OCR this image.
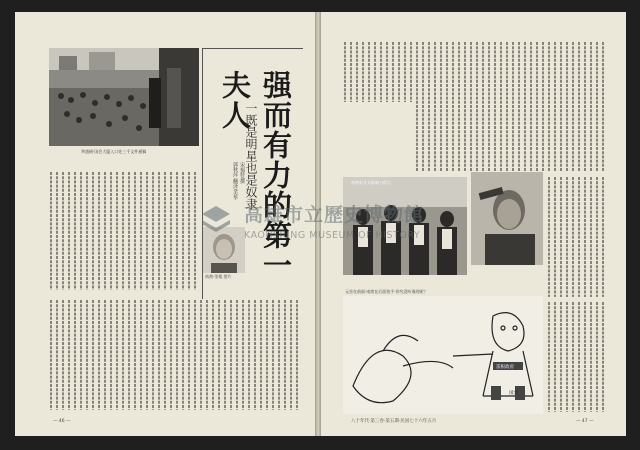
华盛顿·国会大厦入口处三千文件通稿	强而有力的第一夫人
一既是明星也是奴隶
宋福特/撰
郭秋萍 翻译/美华
南茜·里根 图片
— 46 —
南茜对丈夫影响力很大
元首在前面·南茜在后面拍手·你究竟听谁的呢？
雷根政府
国会
八十年代·第三卷·第五期·民国七十六年五月	— 47 —
高雄市立歷史博物館
KAOHSIUNG MUSEUM OF HISTORY
